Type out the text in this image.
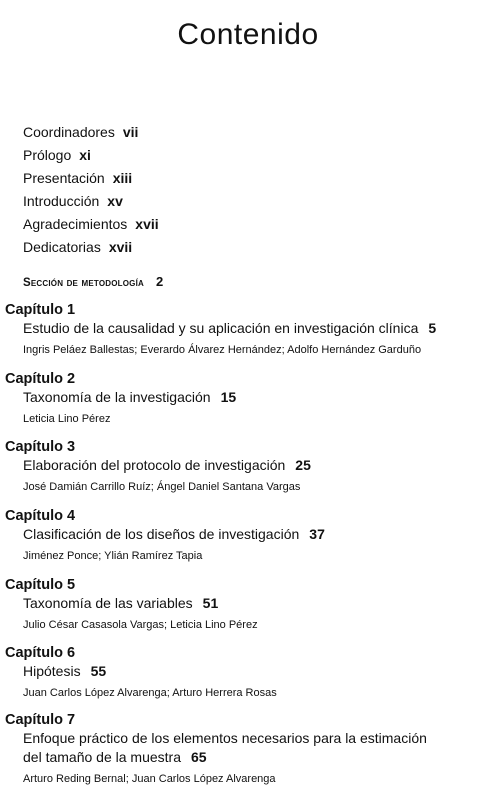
Contenido
Coordinadores vii
Prólogo xi
Presentación xiii
Introducción xv
Agradecimientos xvii
Dedicatorias xvii
Sección de metodología 2
Capítulo 1
Estudio de la causalidad y su aplicación en investigación clínica 5
Ingris Peláez Ballestas; Everardo Álvarez Hernández; Adolfo Hernández Garduño
Capítulo 2
Taxonomía de la investigación 15
Leticia Lino Pérez
Capítulo 3
Elaboración del protocolo de investigación 25
José Damián Carrillo Ruíz; Ángel Daniel Santana Vargas
Capítulo 4
Clasificación de los diseños de investigación 37
Jiménez Ponce; Ylián Ramírez Tapia
Capítulo 5
Taxonomía de las variables 51
Julio César Casasola Vargas; Leticia Lino Pérez
Capítulo 6
Hipótesis 55
Juan Carlos López Alvarenga; Arturo Herrera Rosas
Capítulo 7
Enfoque práctico de los elementos necesarios para la estimación
del tamaño de la muestra 65
Arturo Reding Bernal; Juan Carlos López Alvarenga
